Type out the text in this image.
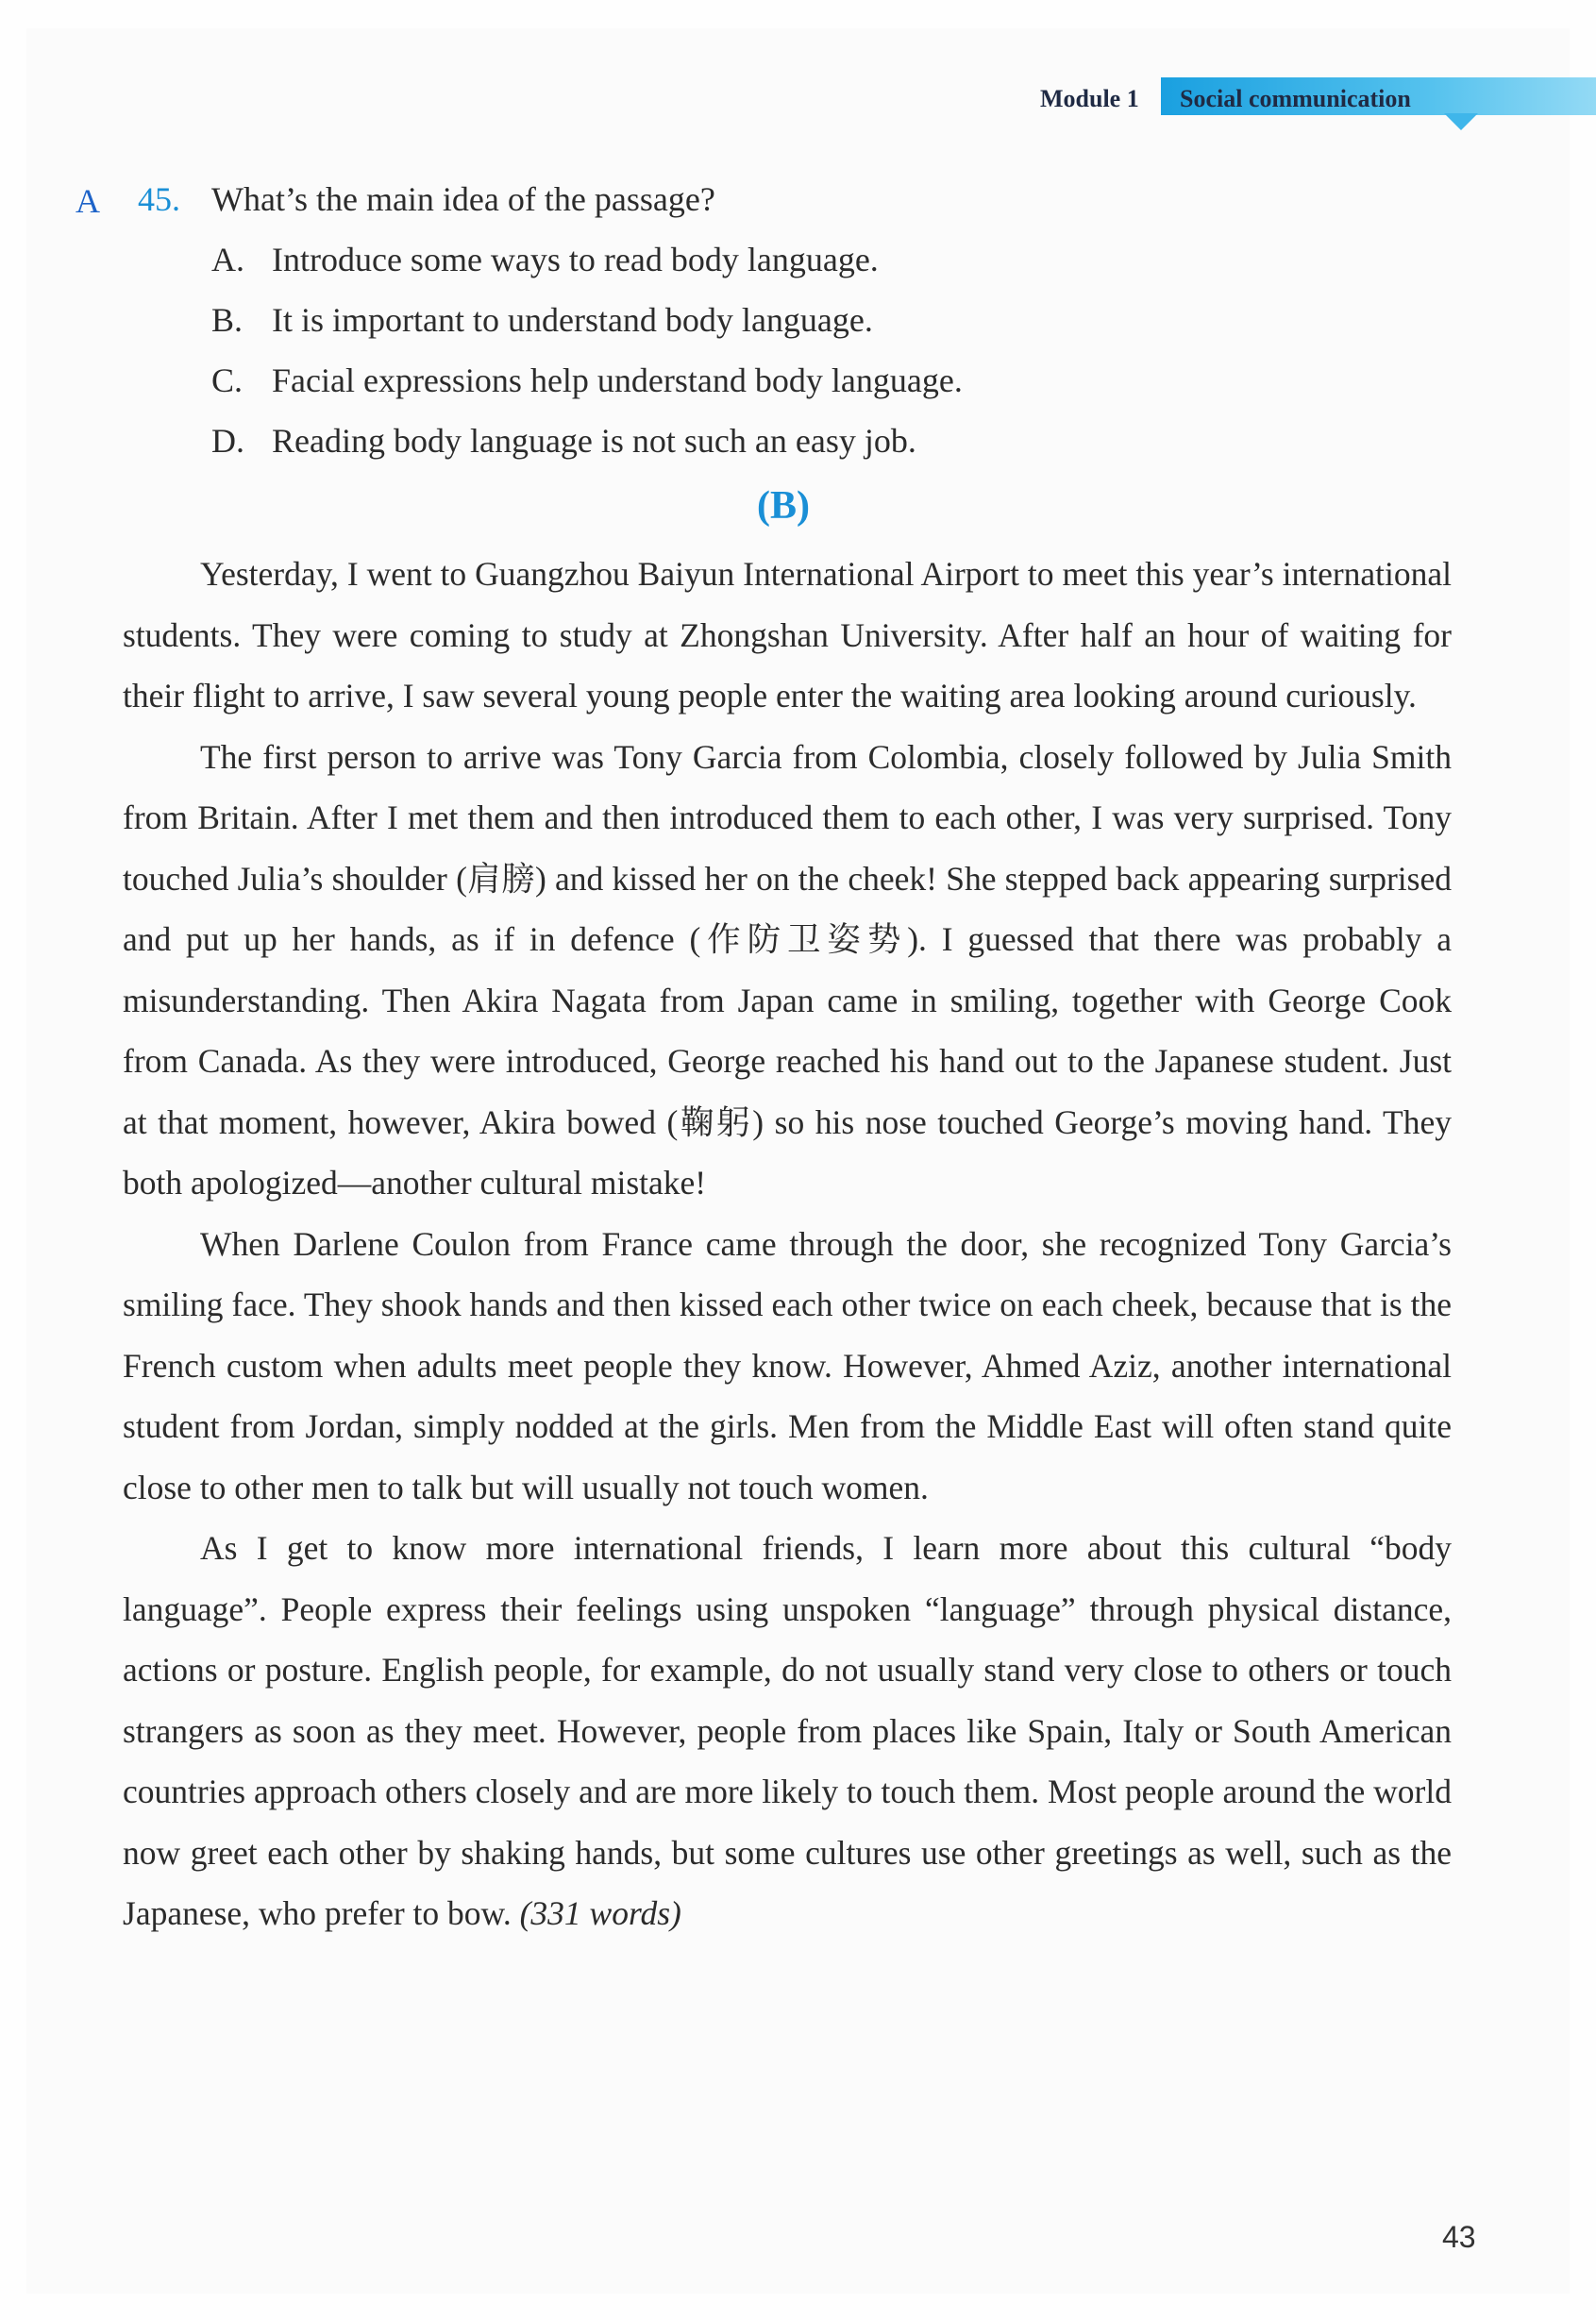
Module 1 Social communication
A 45. What’s the main idea of the passage?
A. Introduce some ways to read body language.
B. It is important to understand body language.
C. Facial expressions help understand body language.
D. Reading body language is not such an easy job.
(B)

Yesterday, I went to Guangzhou Baiyun International Airport to meet this year’s international students. They were coming to study at Zhongshan University. After half an hour of waiting for their flight to arrive, I saw several young people enter the waiting area looking around curiously.

The first person to arrive was Tony Garcia from Colombia, closely followed by Julia Smith from Britain. After I met them and then introduced them to each other, I was very surprised. Tony touched Julia’s shoulder (肩膀) and kissed her on the cheek! She stepped back appearing surprised and put up her hands, as if in defence (作防卫姿势). I guessed that there was probably a misunderstanding. Then Akira Nagata from Japan came in smiling, together with George Cook from Canada. As they were introduced, George reached his hand out to the Japanese student. Just at that moment, however, Akira bowed (鞠躬) so his nose touched George’s moving hand. They both apologized—another cultural mistake!

When Darlene Coulon from France came through the door, she recognized Tony Garcia’s smiling face. They shook hands and then kissed each other twice on each cheek, because that is the French custom when adults meet people they know. However, Ahmed Aziz, another international student from Jordan, simply nodded at the girls. Men from the Middle East will often stand quite close to other men to talk but will usually not touch women.

As I get to know more international friends, I learn more about this cultural “body language”. People express their feelings using unspoken “language” through physical distance, actions or posture. English people, for example, do not usually stand very close to others or touch strangers as soon as they meet. However, people from places like Spain, Italy or South American countries approach others closely and are more likely to touch them. Most people around the world now greet each other by shaking hands, but some cultures use other greetings as well, such as the Japanese, who prefer to bow. (331 words)

43
